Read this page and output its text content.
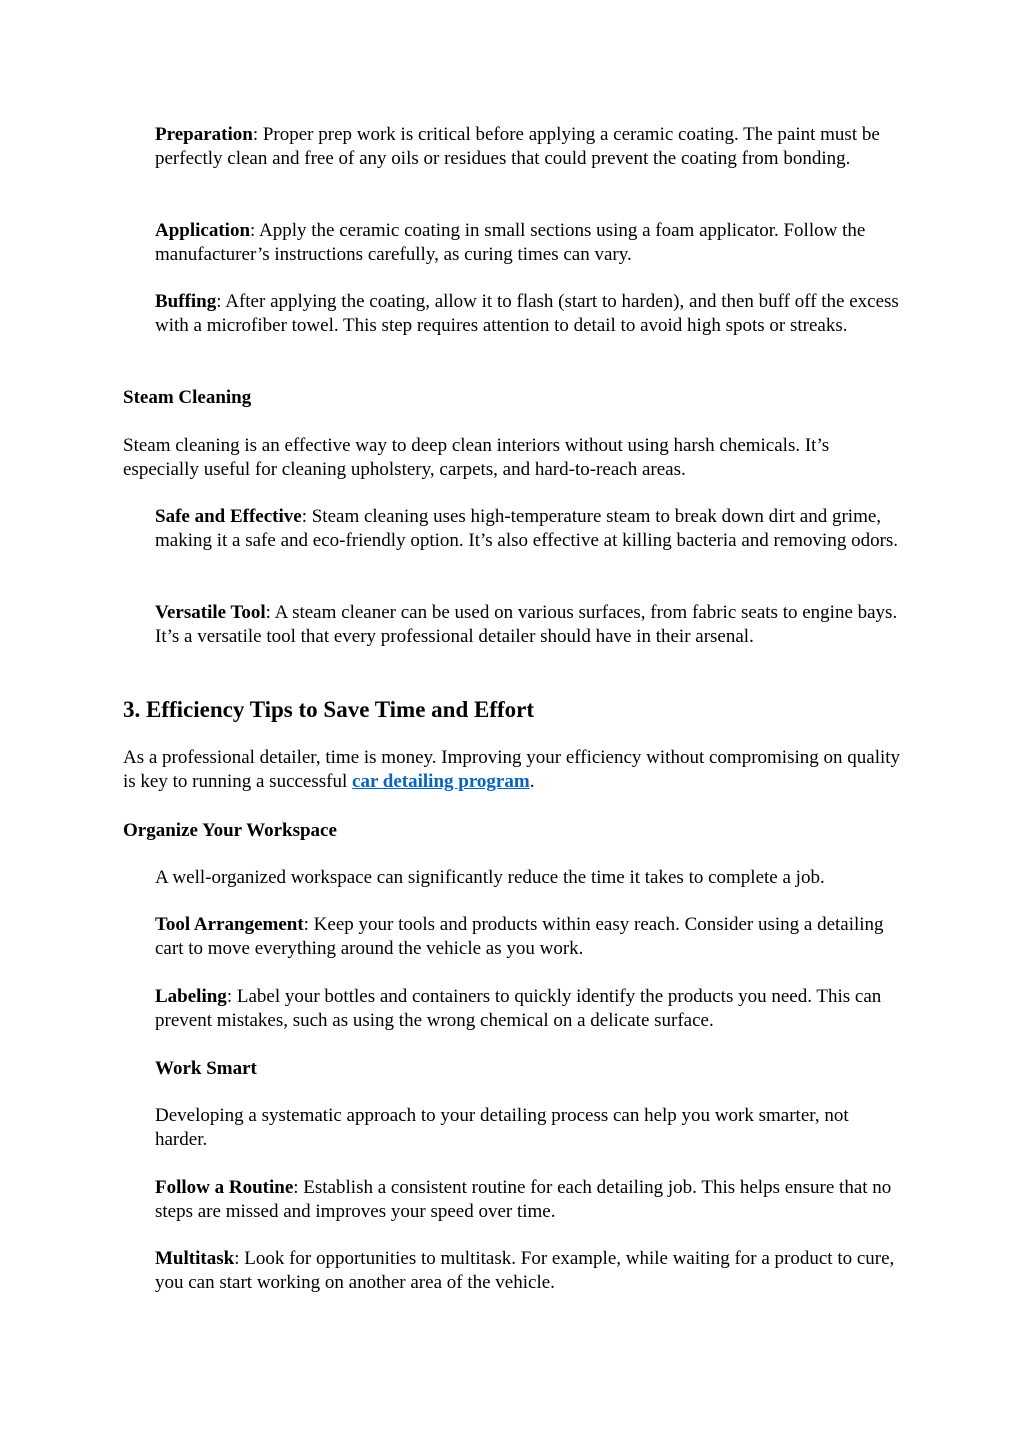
Preparation: Proper prep work is critical before applying a ceramic coating. The paint must be perfectly clean and free of any oils or residues that could prevent the coating from bonding.

Application: Apply the ceramic coating in small sections using a foam applicator. Follow the manufacturer’s instructions carefully, as curing times can vary.

Buffing: After applying the coating, allow it to flash (start to harden), and then buff off the excess with a microfiber towel. This step requires attention to detail to avoid high spots or streaks.

Steam Cleaning

Steam cleaning is an effective way to deep clean interiors without using harsh chemicals. It’s especially useful for cleaning upholstery, carpets, and hard-to-reach areas.

Safe and Effective: Steam cleaning uses high-temperature steam to break down dirt and grime, making it a safe and eco-friendly option. It’s also effective at killing bacteria and removing odors.

Versatile Tool: A steam cleaner can be used on various surfaces, from fabric seats to engine bays. It’s a versatile tool that every professional detailer should have in their arsenal.

3. Efficiency Tips to Save Time and Effort

As a professional detailer, time is money. Improving your efficiency without compromising on quality is key to running a successful car detailing program.

Organize Your Workspace

A well-organized workspace can significantly reduce the time it takes to complete a job.

Tool Arrangement: Keep your tools and products within easy reach. Consider using a detailing cart to move everything around the vehicle as you work.

Labeling: Label your bottles and containers to quickly identify the products you need. This can prevent mistakes, such as using the wrong chemical on a delicate surface.

Work Smart

Developing a systematic approach to your detailing process can help you work smarter, not harder.

Follow a Routine: Establish a consistent routine for each detailing job. This helps ensure that no steps are missed and improves your speed over time.

Multitask: Look for opportunities to multitask. For example, while waiting for a product to cure, you can start working on another area of the vehicle.
